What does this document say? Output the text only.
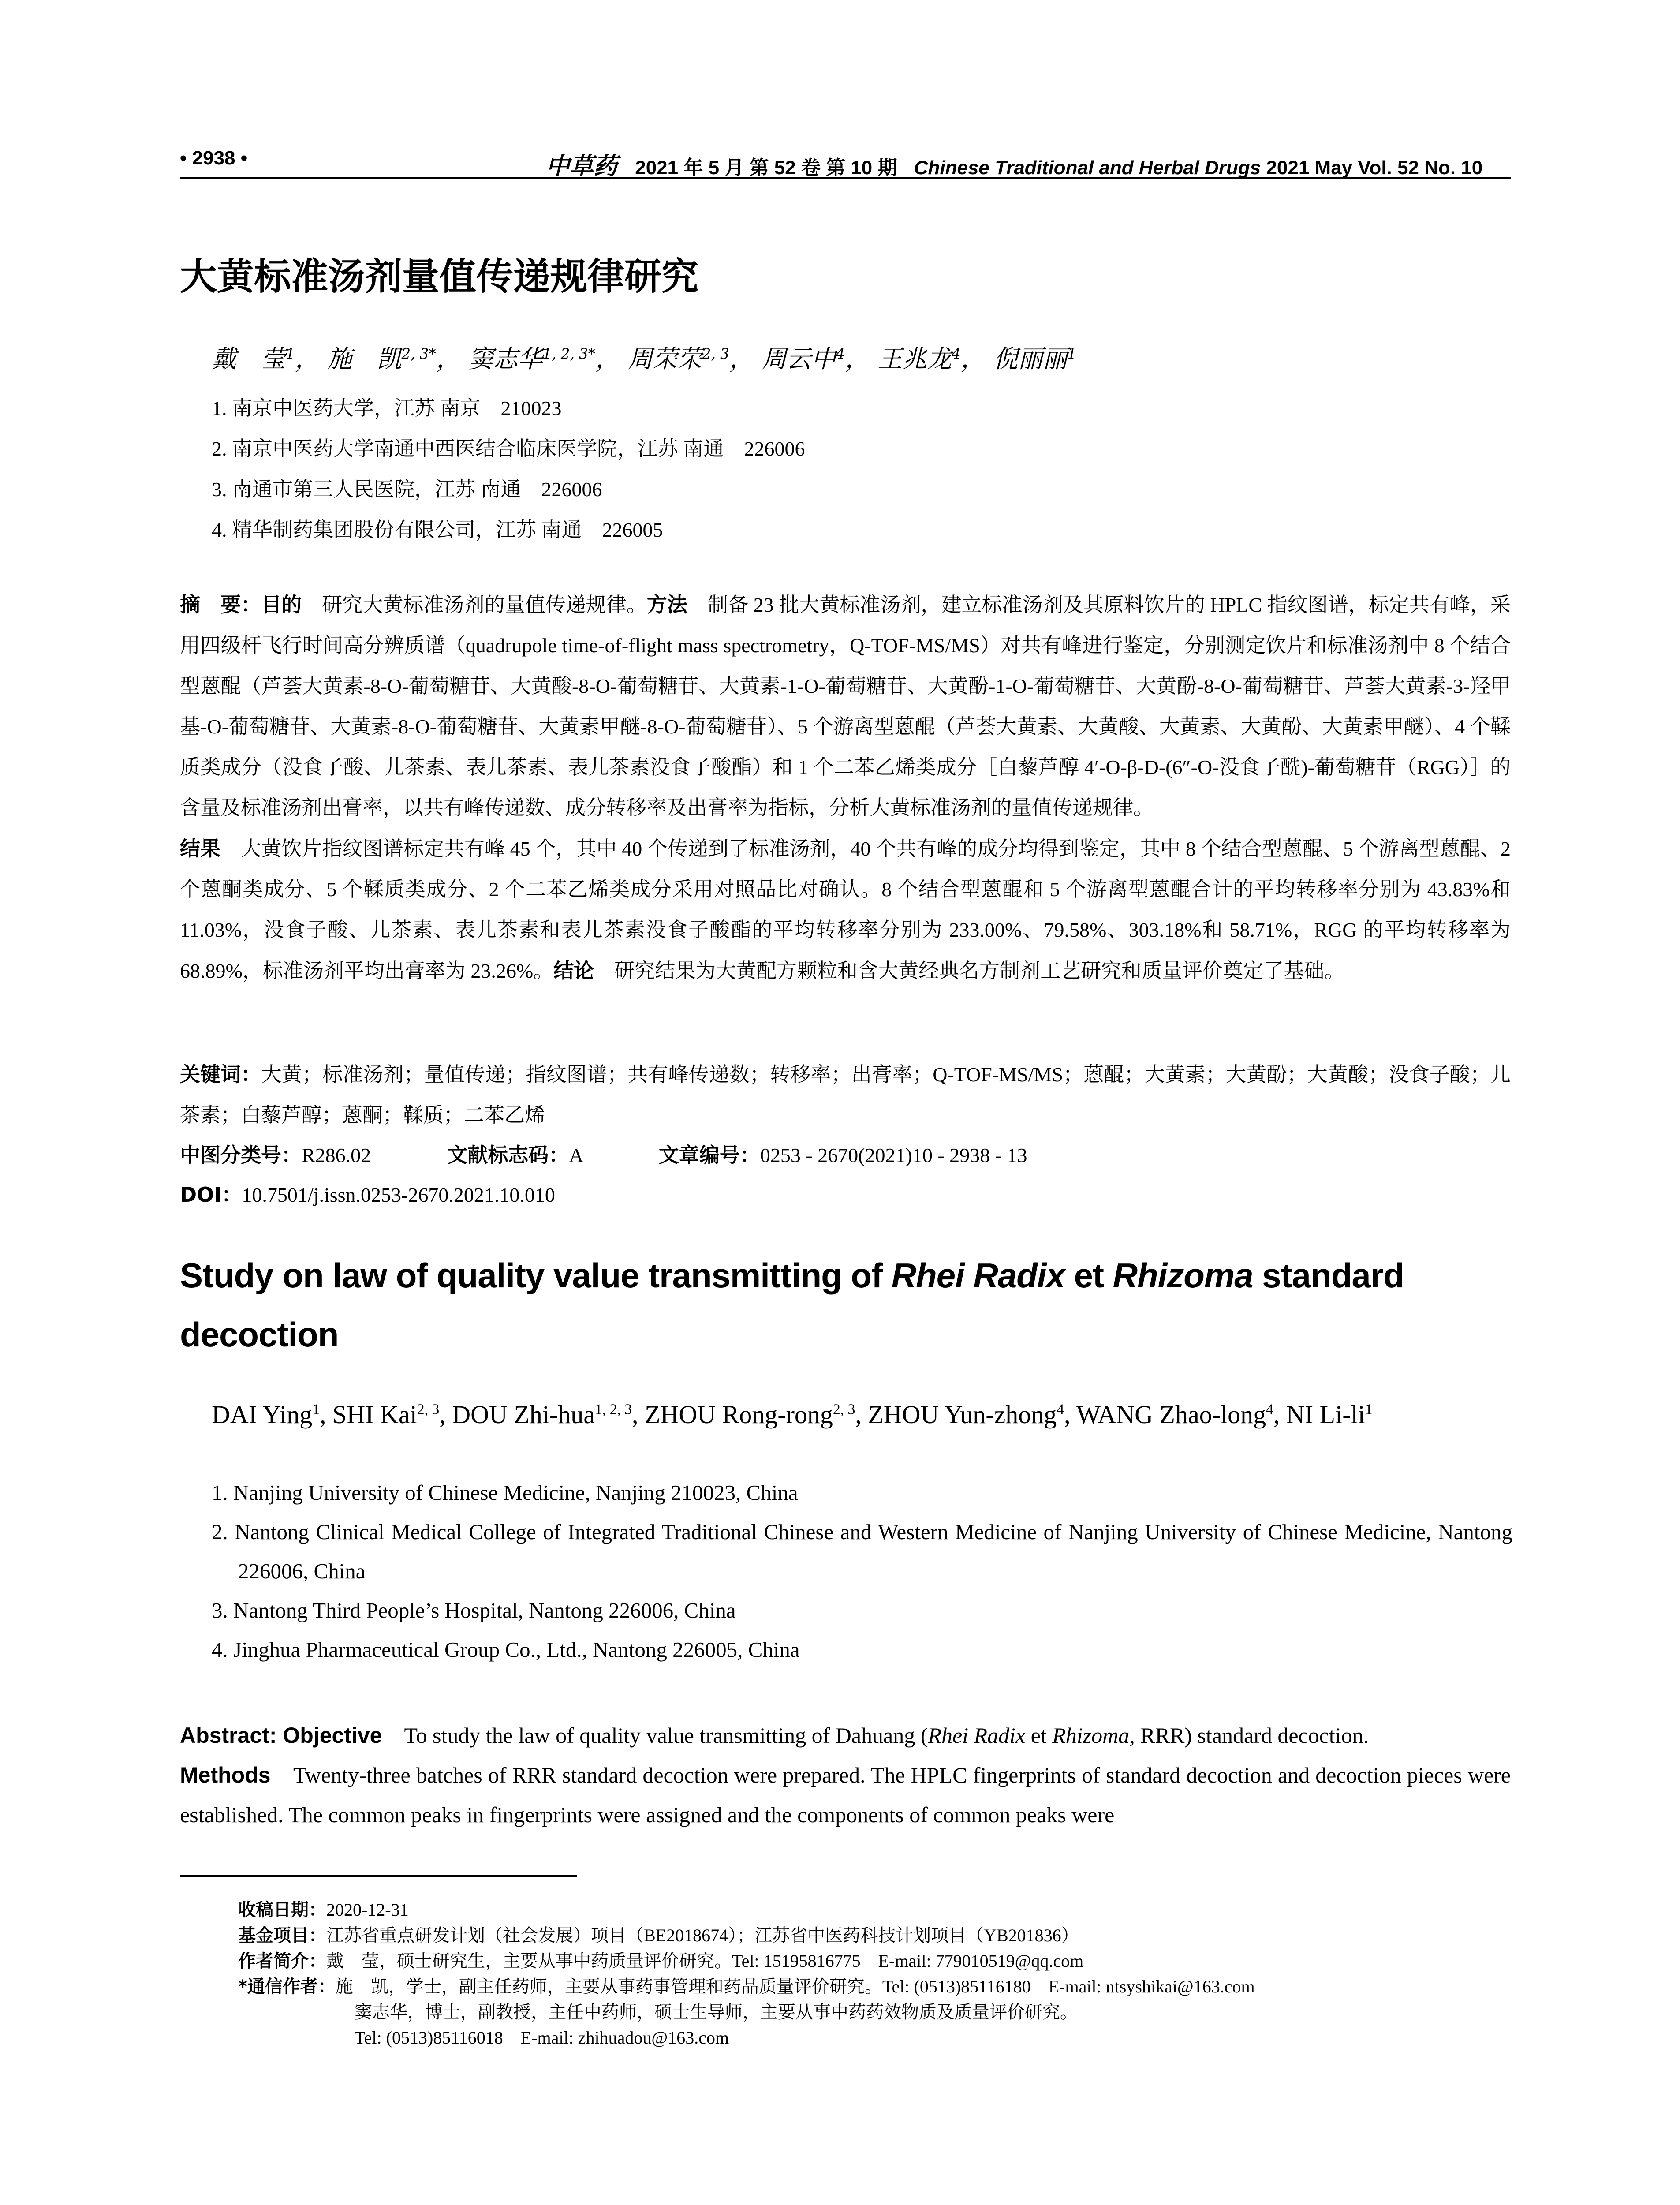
• 2938 •	中草药 2021 年 5 月 第 52 卷 第 10 期 Chinese Traditional and Herbal Drugs 2021 May Vol. 52 No. 10
大黄标准汤剂量值传递规律研究
戴　莹$^1$， 施　凯$^{2, 3*}$， 窦志华$^{1, 2, 3*}$， 周荣荣$^{2, 3}$， 周云中$^4$， 王兆龙$^4$， 倪丽丽$^1$
1. 南京中医药大学，江苏 南京　210023
2. 南京中医药大学南通中西医结合临床医学院，江苏 南通　226006
3. 南通市第三人民医院，江苏 南通　226006
4. 精华制药集团股份有限公司，江苏 南通　226005

摘　要：目的　研究大黄标准汤剂的量值传递规律。方法　制备 23 批大黄标准汤剂，建立标准汤剂及其原料饮片的 HPLC 指纹图谱，标定共有峰，采用四级杆飞行时间高分辨质谱（quadrupole time-of-flight mass spectrometry，Q-TOF-MS/MS）对共有峰进行鉴定，分别测定饮片和标准汤剂中 8 个结合型蒽醌（芦荟大黄素-8-O-葡萄糖苷、大黄酸-8-O-葡萄糖苷、大黄素-1-O-葡萄糖苷、大黄酚-1-O-葡萄糖苷、大黄酚-8-O-葡萄糖苷、芦荟大黄素-3-羟甲基-O-葡萄糖苷、大黄素-8-O-葡萄糖苷、大黄素甲醚-8-O-葡萄糖苷）、5 个游离型蒽醌（芦荟大黄素、大黄酸、大黄素、大黄酚、大黄素甲醚）、4 个鞣质类成分（没食子酸、儿茶素、表儿茶素、表儿茶素没食子酸酯）和 1 个二苯乙烯类成分［白藜芦醇 4′-O-β-D-(6″-O-没食子酰)-葡萄糖苷（RGG）］的含量及标准汤剂出膏率，以共有峰传递数、成分转移率及出膏率为指标，分析大黄标准汤剂的量值传递规律。
结果　大黄饮片指纹图谱标定共有峰 45 个，其中 40 个传递到了标准汤剂，40 个共有峰的成分均得到鉴定，其中 8 个结合型蒽醌、5 个游离型蒽醌、2 个蒽酮类成分、5 个鞣质类成分、2 个二苯乙烯类成分采用对照品比对确认。8 个结合型蒽醌和 5 个游离型蒽醌合计的平均转移率分别为 43.83%和 11.03%，没食子酸、儿茶素、表儿茶素和表儿茶素没食子酸酯的平均转移率分别为 233.00%、79.58%、303.18%和 58.71%，RGG 的平均转移率为 68.89%，标准汤剂平均出膏率为 23.26%。结论　研究结果为大黄配方颗粒和含大黄经典名方制剂工艺研究和质量评价奠定了基础。

关键词：大黄；标准汤剂；量值传递；指纹图谱；共有峰传递数；转移率；出膏率；Q-TOF-MS/MS；蒽醌；大黄素；大黄酚；大黄酸；没食子酸；儿茶素；白藜芦醇；蒽酮；鞣质；二苯乙烯

中图分类号：R286.02	文献标志码：A	文章编号：0253 - 2670(2021)10 - 2938 - 13
DOI：10.7501/j.issn.0253-2670.2021.10.010
Study on law of quality value transmitting of Rhei Radix et Rhizoma standard decoction
DAI Ying$^1$, SHI Kai$^{2, 3}$, DOU Zhi-hua$^{1, 2, 3}$, ZHOU Rong-rong$^{2, 3}$, ZHOU Yun-zhong$^4$, WANG Zhao-long$^4$, NI $Li-li^1$
1. Nanjing University of Chinese Medicine, Nanjing 210023, China
2. Nantong Clinical Medical College of Integrated Traditional Chinese and Western Medicine of Nanjing University of Chinese Medicine, Nantong 226006, China
3. Nantong Third People’s Hospital, Nantong 226006, China
4. Jinghua Pharmaceutical Group Co., Ltd., Nantong 226005, China

Abstract: Objective　To study the law of quality value transmitting of Dahuang (Rhei Radix et Rhizoma, RRR) standard decoction.
Methods　Twenty-three batches of RRR standard decoction were prepared. The HPLC fingerprints of standard decoction and decoction pieces were established. The common peaks in fingerprints were assigned and the components of common peaks were

收稿日期：2020-12-31
基金项目：江苏省重点研发计划（社会发展）项目（BE2018674）；江苏省中医药科技计划项目（YB201836）
作者简介：戴　莹，硕士研究生，主要从事中药质量评价研究。Tel: 15195816775　E-mail: 779010519@qq.com
*通信作者：施　凯，学士，副主任药师，主要从事药事管理和药品质量评价研究。Tel: (0513)85116180　E-mail: ntsyshikai@163.com
窦志华，博士，副教授，主任中药师，硕士生导师，主要从事中药药效物质及质量评价研究。
Tel: (0513)85116018　E-mail: zhihuadou@163.com
